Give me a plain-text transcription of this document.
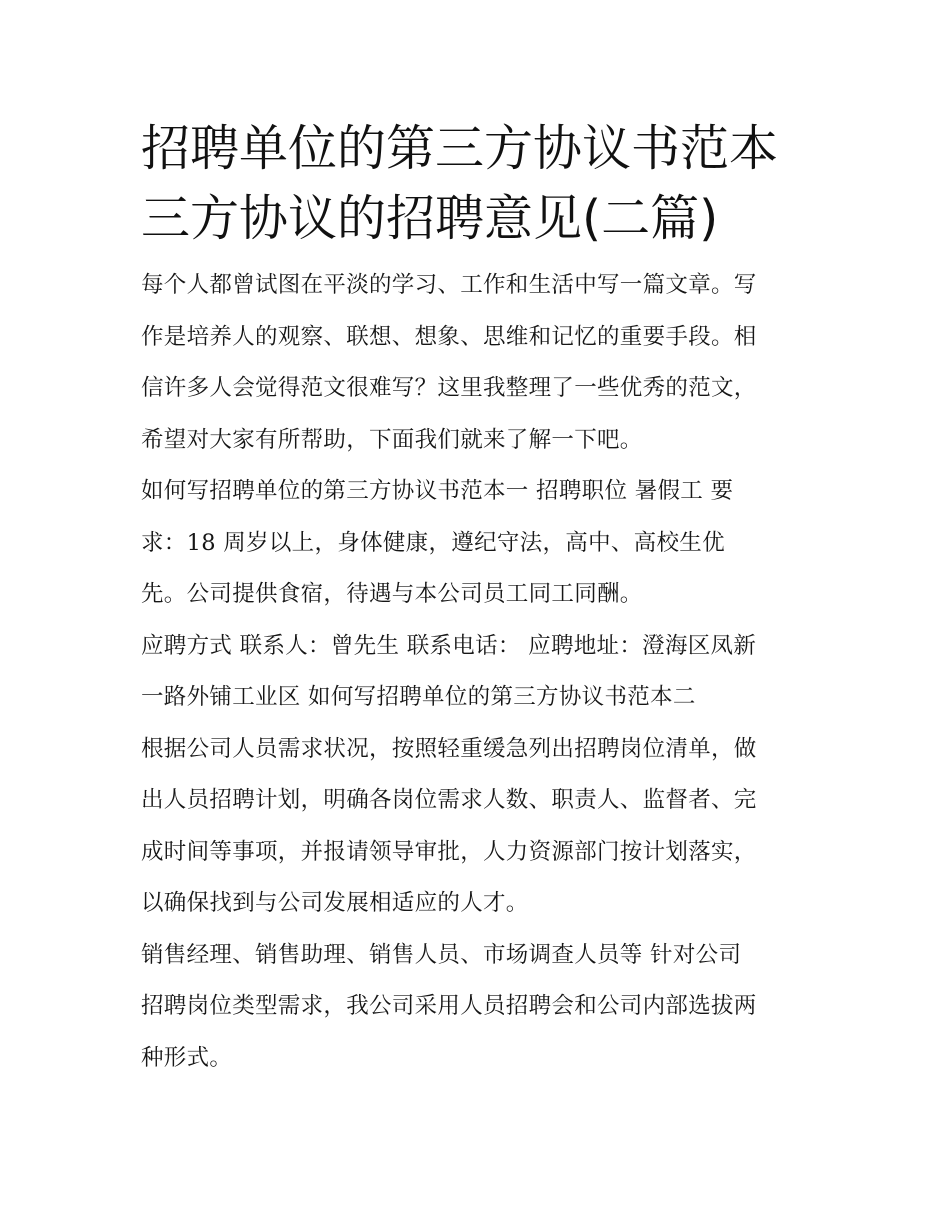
招聘单位的第三方协议书范本
三方协议的招聘意见(二篇)

每个人都曾试图在平淡的学习、工作和生活中写一篇文章。写
作是培养人的观察、联想、想象、思维和记忆的重要手段。相
信许多人会觉得范文很难写？这里我整理了一些优秀的范文，
希望对大家有所帮助，下面我们就来了解一下吧。

如何写招聘单位的第三方协议书范本一 招聘职位 暑假工 要
求：18 周岁以上，身体健康，遵纪守法，高中、高校生优
先。公司提供食宿，待遇与本公司员工同工同酬。

应聘方式 联系人：曾先生 联系电话： 应聘地址：澄海区凤新
一路外铺工业区 如何写招聘单位的第三方协议书范本二

根据公司人员需求状况，按照轻重缓急列出招聘岗位清单，做
出人员招聘计划，明确各岗位需求人数、职责人、监督者、完
成时间等事项，并报请领导审批，人力资源部门按计划落实，
以确保找到与公司发展相适应的人才。

销售经理、销售助理、销售人员、市场调查人员等 针对公司
招聘岗位类型需求，我公司采用人员招聘会和公司内部选拔两
种形式。
